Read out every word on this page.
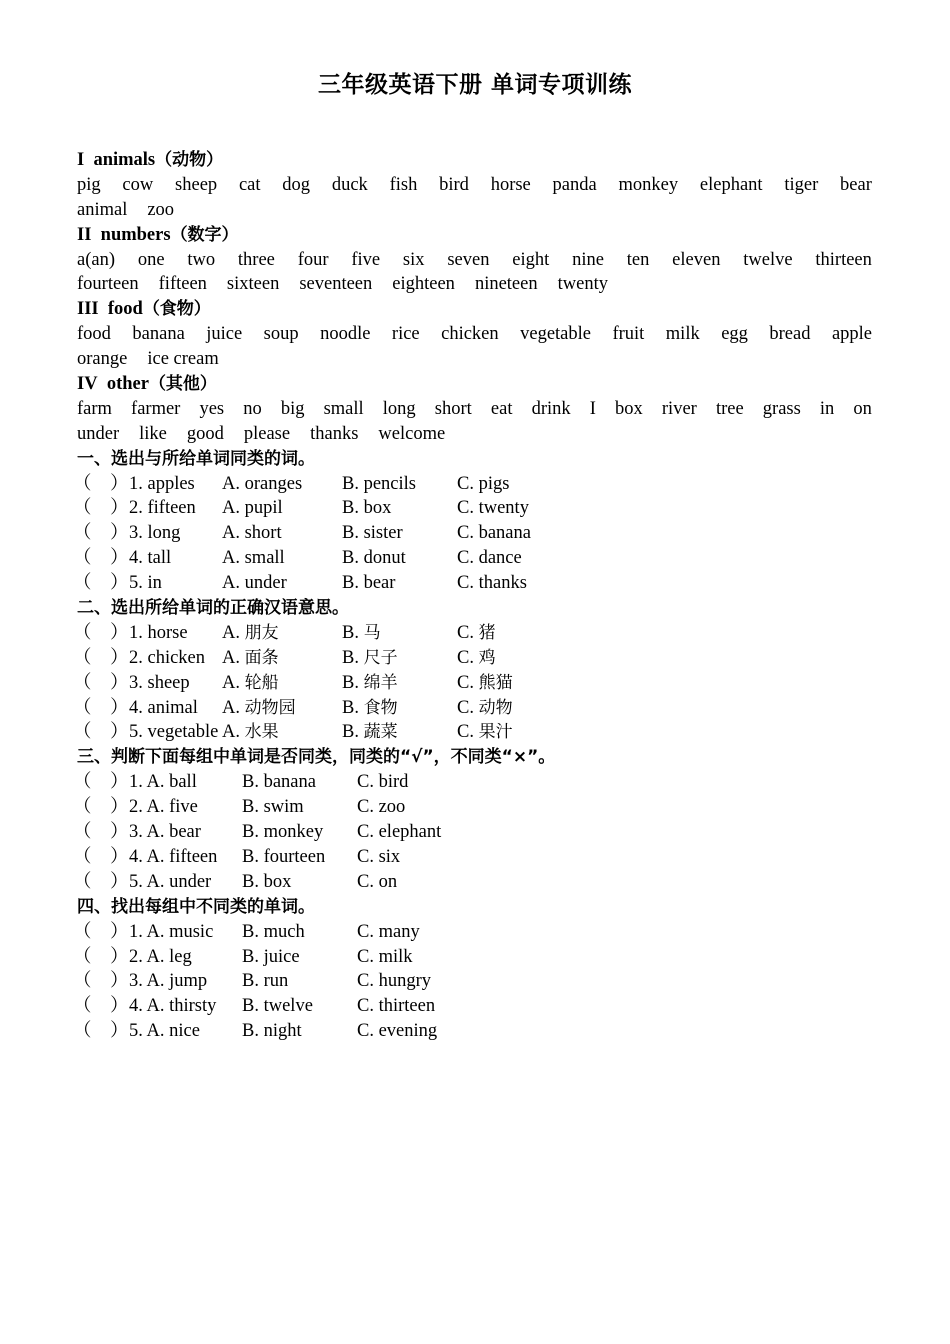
三年级英语下册 单词专项训练
I animals（动物）
pig cow sheep cat dog duck fish bird horse panda monkey elephant tiger bear
animal zoo
II numbers（数字）
a(an) one two three four five six seven eight nine ten eleven twelve thirteen
fourteen fifteen sixteen seventeen eighteen nineteen twenty
III food（食物）
food banana juice soup noodle rice chicken vegetable fruit milk egg bread apple
orange ice cream
IV other（其他）
farm farmer yes no big small long short eat drink I box river tree grass in on
under like good please thanks welcome
一、选出与所给单词同类的词。
（　） 1. apples A. oranges B. pencils C. pigs
（　） 2. fifteen A. pupil	B. box	C. twenty
（　） 3. long A. short	B. sister	C. banana
（　） 4. tall	A. small	B. donut	C. dance
（　） 5. in	A. under	B. bear	C. thanks
二、选出所给单词的正确汉语意思。
（　） 1. horse A. 朋友	B. 马	C. 猪
（　） 2. chicken A. 面条	B. 尺子	C. 鸡
（　） 3. sheep A. 轮船	B. 绵羊	C. 熊猫
（　） 4. animal A. 动物园	B. 食物	C. 动物
（　） 5. vegetable A. 水果	B. 蔬菜	C. 果汁
三、判断下面每组中单词是否同类，同类的“√”，不同类“×”。
（　） 1. A. ball B. banana C. bird
（　） 2. A. five B. swim	C. zoo
（　） 3. A. bear B. monkey C. elephant
（　） 4. A. fifteen B. fourteen C. six
（　） 5. A. under B. box	C. on
四、找出每组中不同类的单词。
（　） 1. A. music B. much	C. many
（　） 2. A. leg	B. juice	C. milk
（　） 3. A. jump B. run	C. hungry
（　） 4. A. thirsty B. twelve C. thirteen
（　） 5. A. nice B. night	C. evening
